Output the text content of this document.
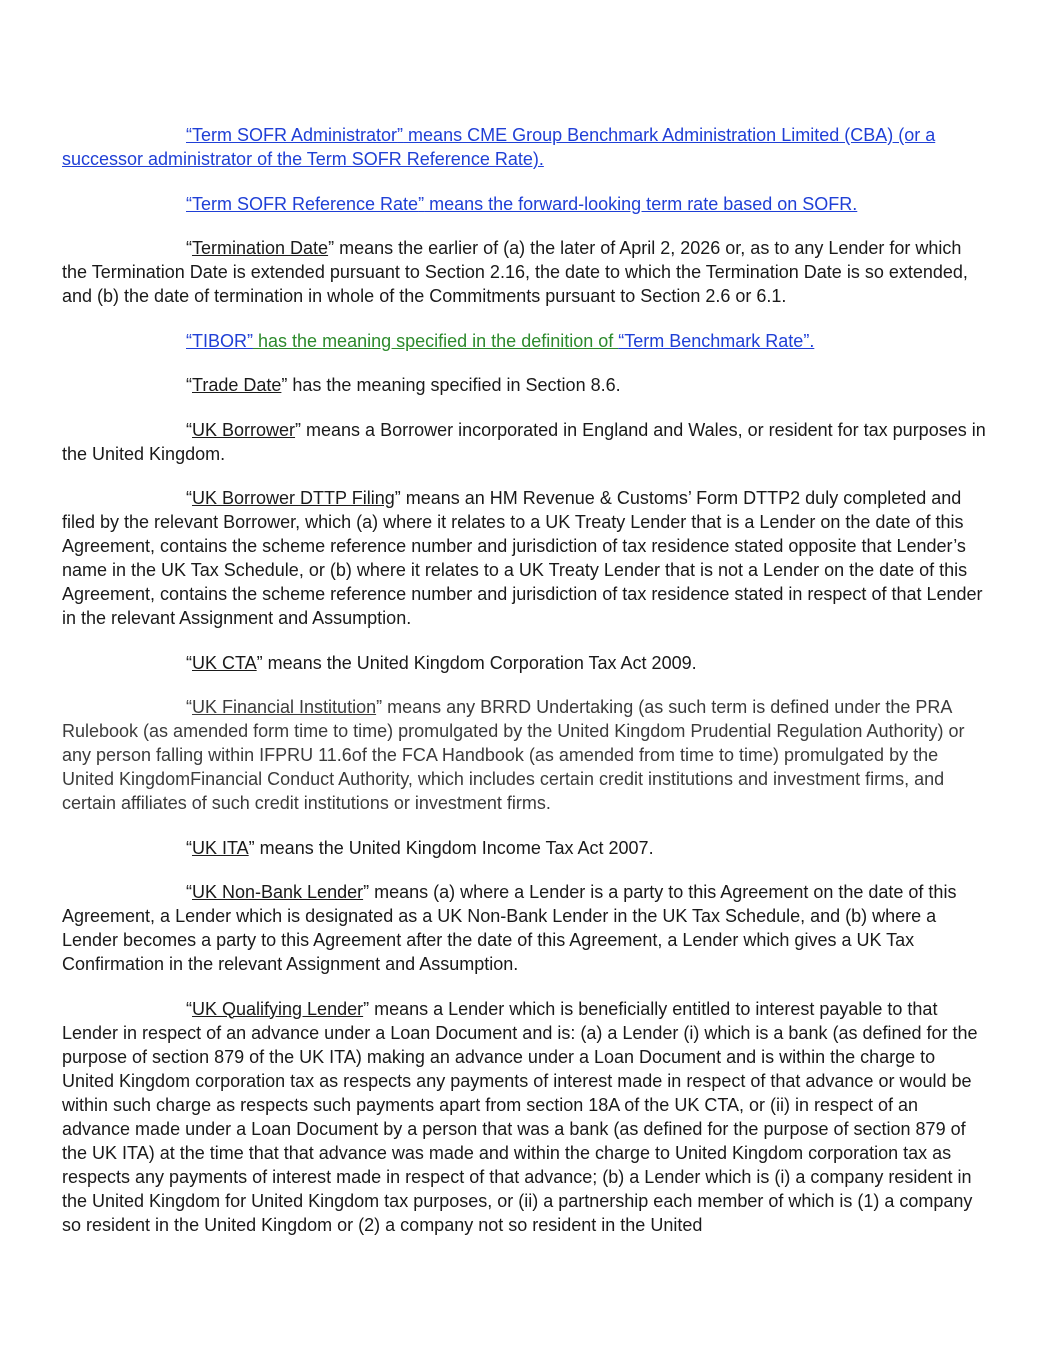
“Term SOFR Administrator” means CME Group Benchmark Administration Limited (CBA) (or a successor administrator of the Term SOFR Reference Rate).

“Term SOFR Reference Rate” means the forward-looking term rate based on SOFR.

“Termination Date” means the earlier of (a) the later of April 2, 2026 or, as to any Lender for which the Termination Date is extended pursuant to Section 2.16, the date to which the Termination Date is so extended, and (b) the date of termination in whole of the Commitments pursuant to Section 2.6 or 6.1.

“TIBOR” has the meaning specified in the definition of “Term Benchmark Rate”.

“Trade Date” has the meaning specified in Section 8.6.

“UK Borrower” means a Borrower incorporated in England and Wales, or resident for tax purposes in the United Kingdom.

“UK Borrower DTTP Filing” means an HM Revenue & Customs’ Form DTTP2 duly completed and filed by the relevant Borrower, which (a) where it relates to a UK Treaty Lender that is a Lender on the date of this Agreement, contains the scheme reference number and jurisdiction of tax residence stated opposite that Lender’s name in the UK Tax Schedule, or (b) where it relates to a UK Treaty Lender that is not a Lender on the date of this Agreement, contains the scheme reference number and jurisdiction of tax residence stated in respect of that Lender in the relevant Assignment and Assumption.

“UK CTA” means the United Kingdom Corporation Tax Act 2009.

“UK Financial Institution” means any BRRD Undertaking (as such term is defined under the PRA Rulebook (as amended form time to time) promulgated by the United Kingdom Prudential Regulation Authority) or any person falling within IFPRU 11.6of the FCA Handbook (as amended from time to time) promulgated by the United KingdomFinancial Conduct Authority, which includes certain credit institutions and investment firms, and certain affiliates of such credit institutions or investment firms.

“UK ITA” means the United Kingdom Income Tax Act 2007.

“UK Non-Bank Lender” means (a) where a Lender is a party to this Agreement on the date of this Agreement, a Lender which is designated as a UK Non-Bank Lender in the UK Tax Schedule, and (b) where a Lender becomes a party to this Agreement after the date of this Agreement, a Lender which gives a UK Tax Confirmation in the relevant Assignment and Assumption.

“UK Qualifying Lender” means a Lender which is beneficially entitled to interest payable to that Lender in respect of an advance under a Loan Document and is: (a) a Lender (i) which is a bank (as defined for the purpose of section 879 of the UK ITA) making an advance under a Loan Document and is within the charge to United Kingdom corporation tax as respects any payments of interest made in respect of that advance or would be within such charge as respects such payments apart from section 18A of the UK CTA, or (ii) in respect of an advance made under a Loan Document by a person that was a bank (as defined for the purpose of section 879 of the UK ITA) at the time that that advance was made and within the charge to United Kingdom corporation tax as respects any payments of interest made in respect of that advance; (b) a Lender which is (i) a company resident in the United Kingdom for United Kingdom tax purposes, or (ii) a partnership each member of which is (1) a company so resident in the United Kingdom or (2) a company not so resident in the United
